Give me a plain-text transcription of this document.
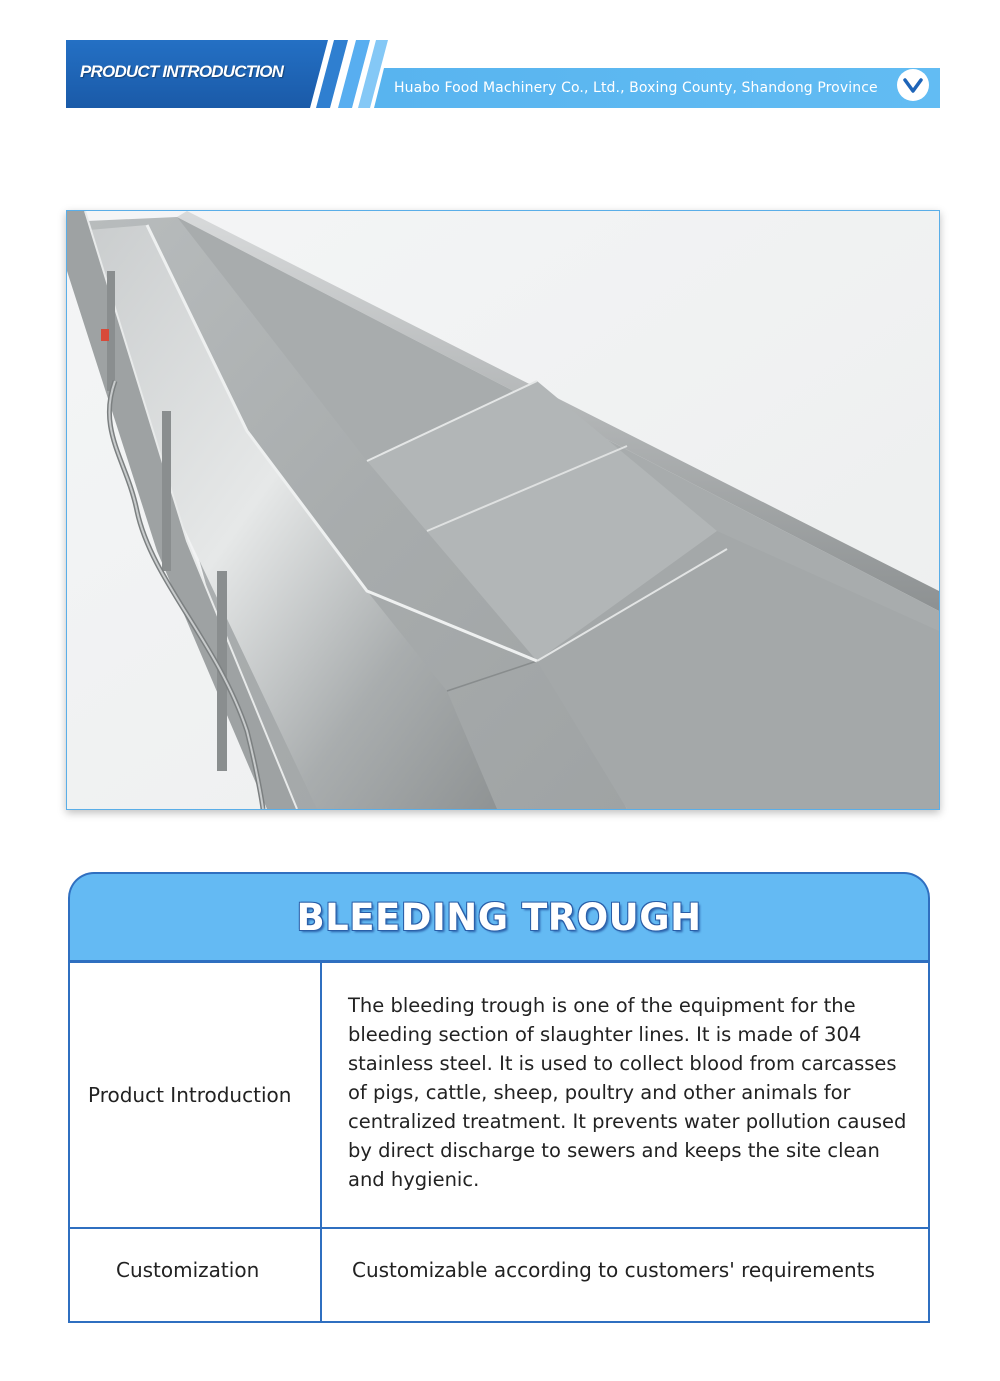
PRODUCT INTRODUCTION
Huabo Food Machinery Co., Ltd., Boxing County, Shandong Province
BLEEDING TROUGH
Product Introduction
The bleeding trough is one of the equipment for the bleeding section of slaughter lines. It is made of 304 stainless steel. It is used to collect blood from carcasses of pigs, cattle, sheep, poultry and other animals for centralized treatment. It prevents water pollution caused by direct discharge to sewers and keeps the site clean and hygienic.
Customization	Customizable according to customers' requirements
